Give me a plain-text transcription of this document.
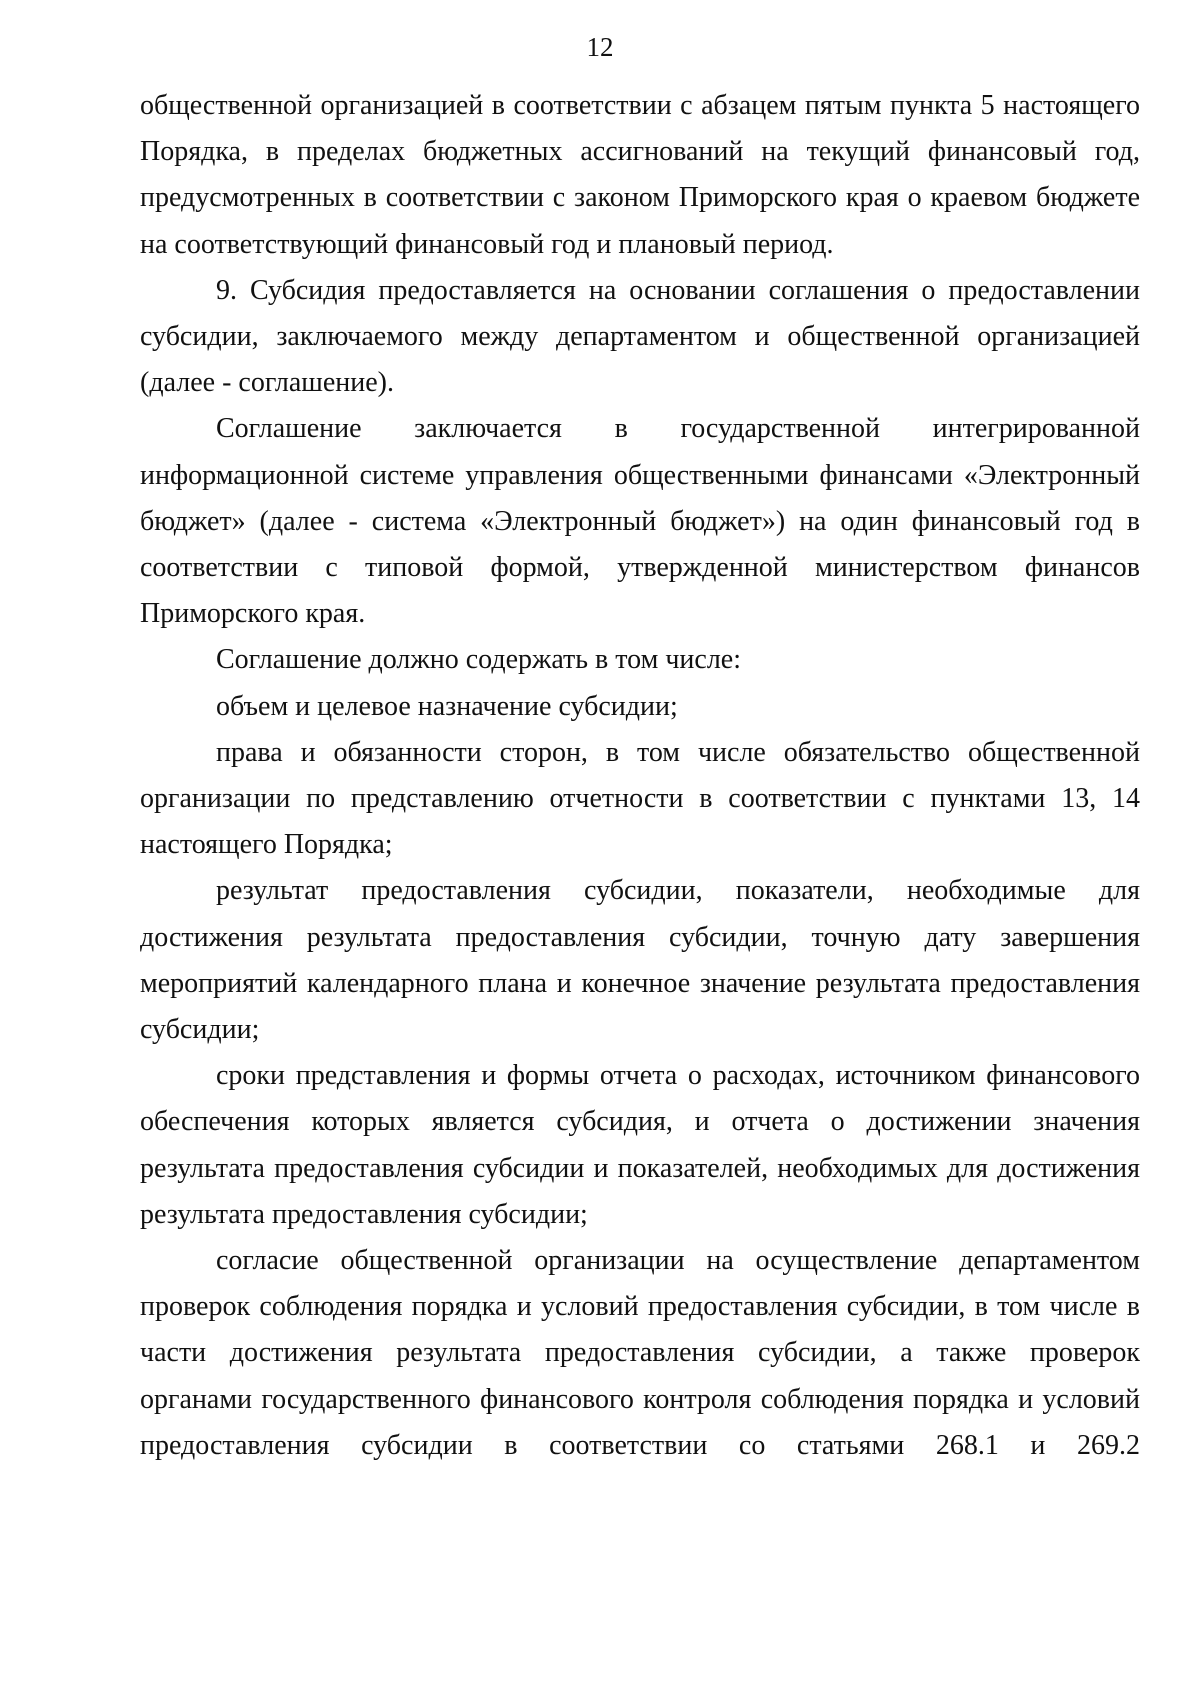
12

общественной организацией в соответствии с абзацем пятым пункта 5 настоящего Порядка, в пределах бюджетных ассигнований на текущий финансовый год, предусмотренных в соответствии с законом Приморского края о краевом бюджете на соответствующий финансовый год и плановый период.

9. Субсидия предоставляется на основании соглашения о предоставлении субсидии, заключаемого между департаментом и общественной организацией (далее - соглашение).

Соглашение заключается в государственной интегрированной информационной системе управления общественными финансами «Электронный бюджет» (далее - система «Электронный бюджет») на один финансовый год в соответствии с типовой формой, утвержденной министерством финансов Приморского края.

Соглашение должно содержать в том числе:

объем и целевое назначение субсидии;

права и обязанности сторон, в том числе обязательство общественной организации по представлению отчетности в соответствии с пунктами 13, 14 настоящего Порядка;

результат предоставления субсидии, показатели, необходимые для достижения результата предоставления субсидии, точную дату завершения мероприятий календарного плана и конечное значение результата предоставления субсидии;

сроки представления и формы отчета о расходах, источником финансового обеспечения которых является субсидия, и отчета о достижении значения результата предоставления субсидии и показателей, необходимых для достижения результата предоставления субсидии;

согласие общественной организации на осуществление департаментом проверок соблюдения порядка и условий предоставления субсидии, в том числе в части достижения результата предоставления субсидии, а также проверок органами государственного финансового контроля соблюдения порядка и условий предоставления субсидии в соответствии со статьями 268.1 и 269.2
